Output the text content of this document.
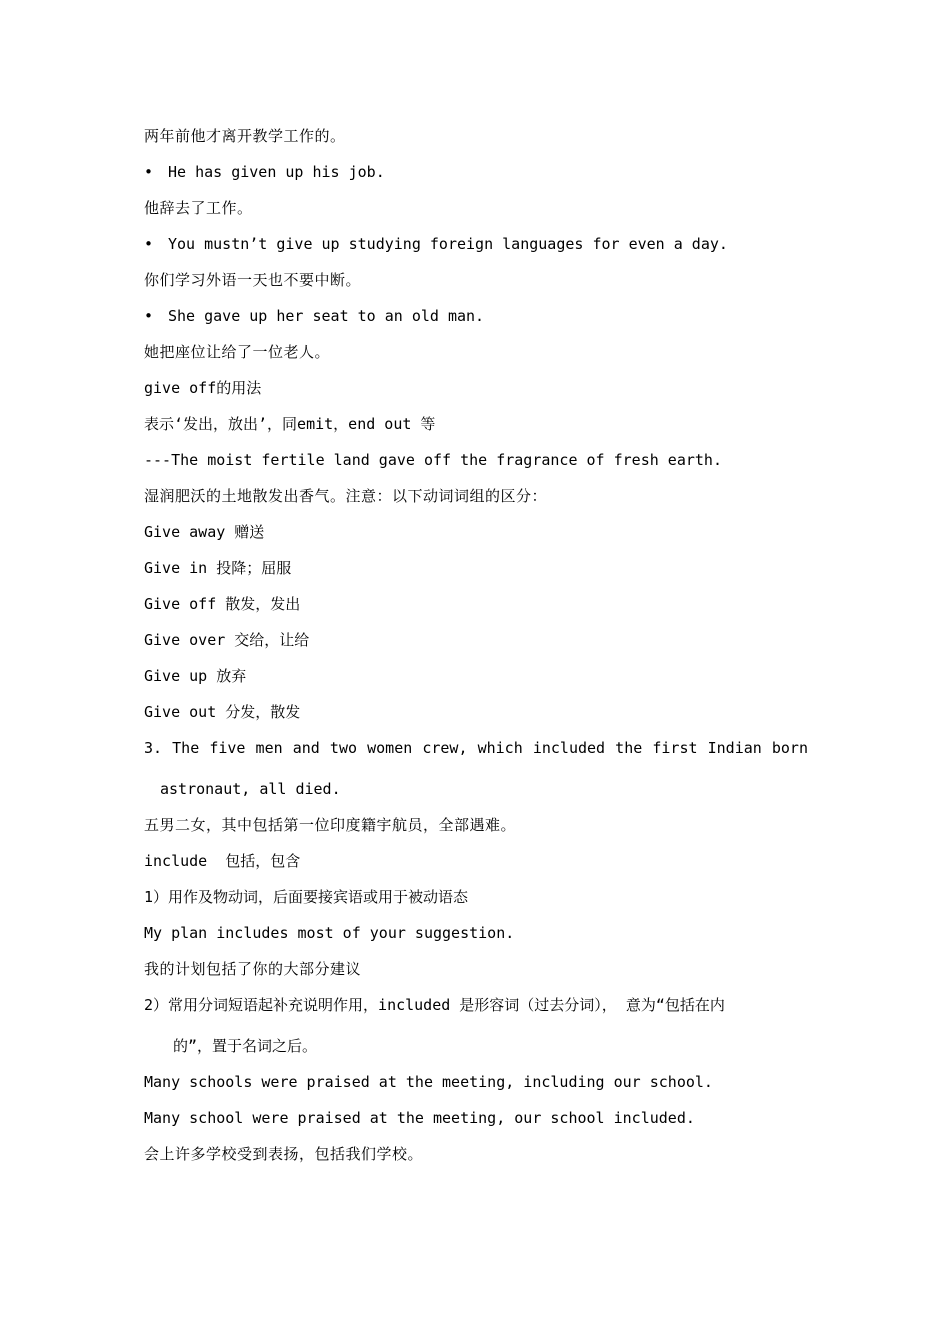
两年前他才离开教学工作的。
• He has given up his job.
他辞去了工作。
• You mustn’t give up studying foreign languages for even a day.
你们学习外语一天也不要中断。
• She gave up her seat to an old man.
她把座位让给了一位老人。
give off的用法
表示‘发出，放出’，同emit，end out 等
---The moist fertile land gave off the fragrance of fresh earth.
湿润肥沃的土地散发出香气。注意：以下动词词组的区分：
Give away 赠送
Give in 投降；屈服
Give off 散发，发出
Give over 交给，让给
Give up 放弃
Give out 分发，散发
3. The five men and two women crew, which included the first Indian born
astronaut, all died.
五男二女，其中包括第一位印度籍宇航员，全部遇难。
include  包括，包含
1）用作及物动词，后面要接宾语或用于被动语态
My plan includes most of your suggestion.
我的计划包括了你的大部分建议
2）常用分词短语起补充说明作用，included 是形容词（过去分词）， 意为“包括在内
的”，置于名词之后。
Many schools were praised at the meeting, including our school.
Many school were praised at the meeting, our school included.
会上许多学校受到表扬，包括我们学校。
